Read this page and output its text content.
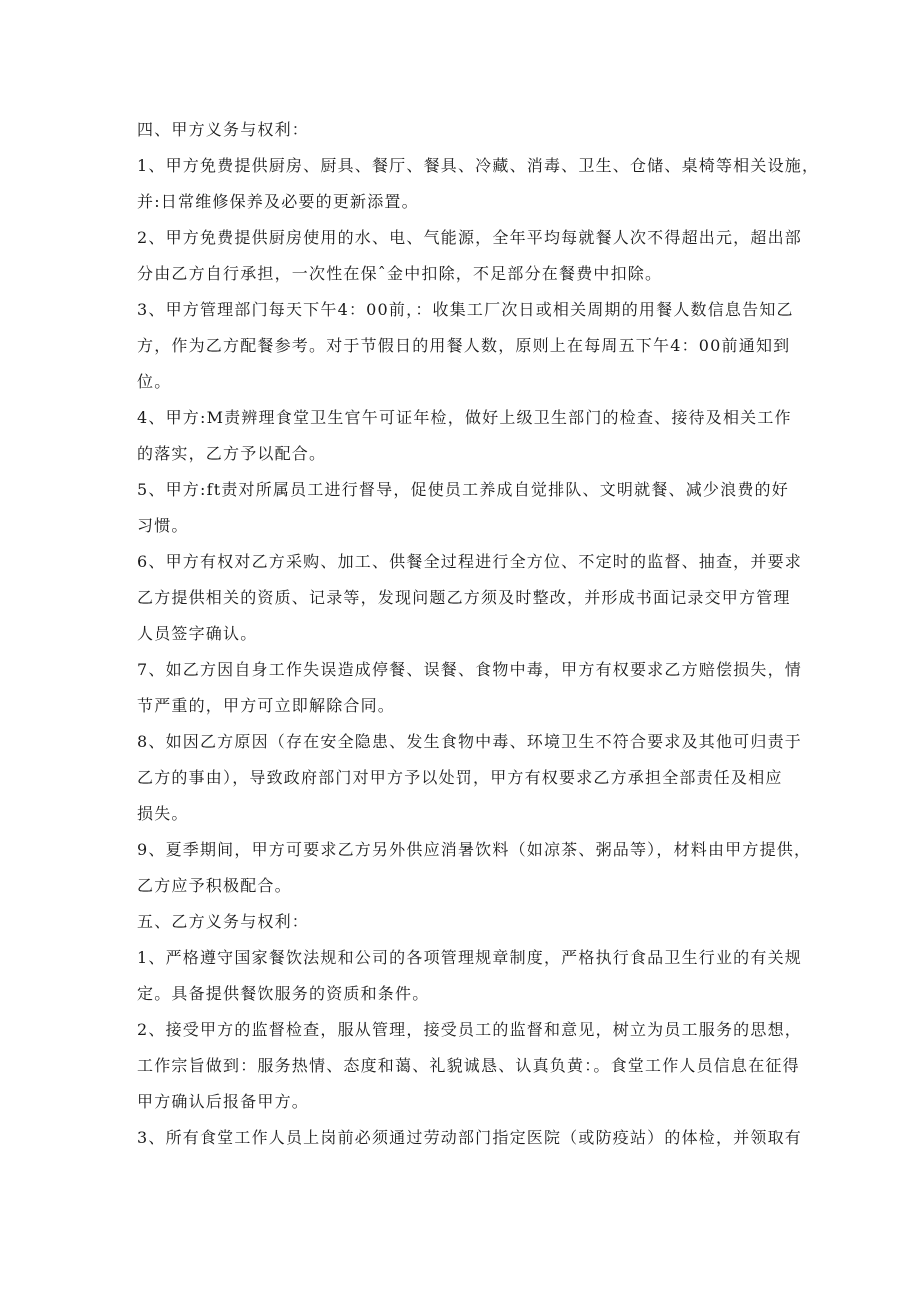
四、甲方义务与权利：
1、甲方免费提供厨房、厨具、餐厅、餐具、冷藏、消毒、卫生、仓储、桌椅等相关设施，
并:日常维修保养及必要的更新添置。
2、甲方免费提供厨房使用的水、电、气能源，全年平均每就餐人次不得超出元，超出部
分由乙方自行承担，一次性在保ˆ金中扣除，不足部分在餐费中扣除。
3、甲方管理部门每天下午4：00前，：收集工厂次日或相关周期的用餐人数信息告知乙
方，作为乙方配餐参考。对于节假日的用餐人数，原则上在每周五下午4：00前通知到
位。
4、甲方:M责辨理食堂卫生官午可证年检，做好上级卫生部门的检查、接待及相关工作
的落实，乙方予以配合。
5、甲方:ft责对所属员工进行督导，促使员工养成自觉排队、文明就餐、减少浪费的好
习惯。
6、甲方有权对乙方采购、加工、供餐全过程进行全方位、不定时的监督、抽查，并要求
乙方提供相关的资质、记录等，发现问题乙方须及时整改，并形成书面记录交甲方管理
人员签字确认。
7、如乙方因自身工作失误造成停餐、误餐、食物中毒，甲方有权要求乙方赔偿损失，情
节严重的，甲方可立即解除合同。
8、如因乙方原因（存在安全隐患、发生食物中毒、环境卫生不符合要求及其他可归责于
乙方的事由），导致政府部门对甲方予以处罚，甲方有权要求乙方承担全部责任及相应
损失。
9、夏季期间，甲方可要求乙方另外供应消暑饮料（如凉茶、粥品等），材料由甲方提供，
乙方应予积极配合。
五、乙方义务与权利：
1、严格遵守国家餐饮法规和公司的各项管理规章制度，严格执行食品卫生行业的有关规
定。具备提供餐饮服务的资质和条件。
2、接受甲方的监督检查，服从管理，接受员工的监督和意见，树立为员工服务的思想，
工作宗旨做到：服务热情、态度和蔼、礼貌诚恳、认真负黄：。食堂工作人员信息在征得
甲方确认后报备甲方。
3、所有食堂工作人员上岗前必须通过劳动部门指定医院（或防疫站）的体检，并领取有
